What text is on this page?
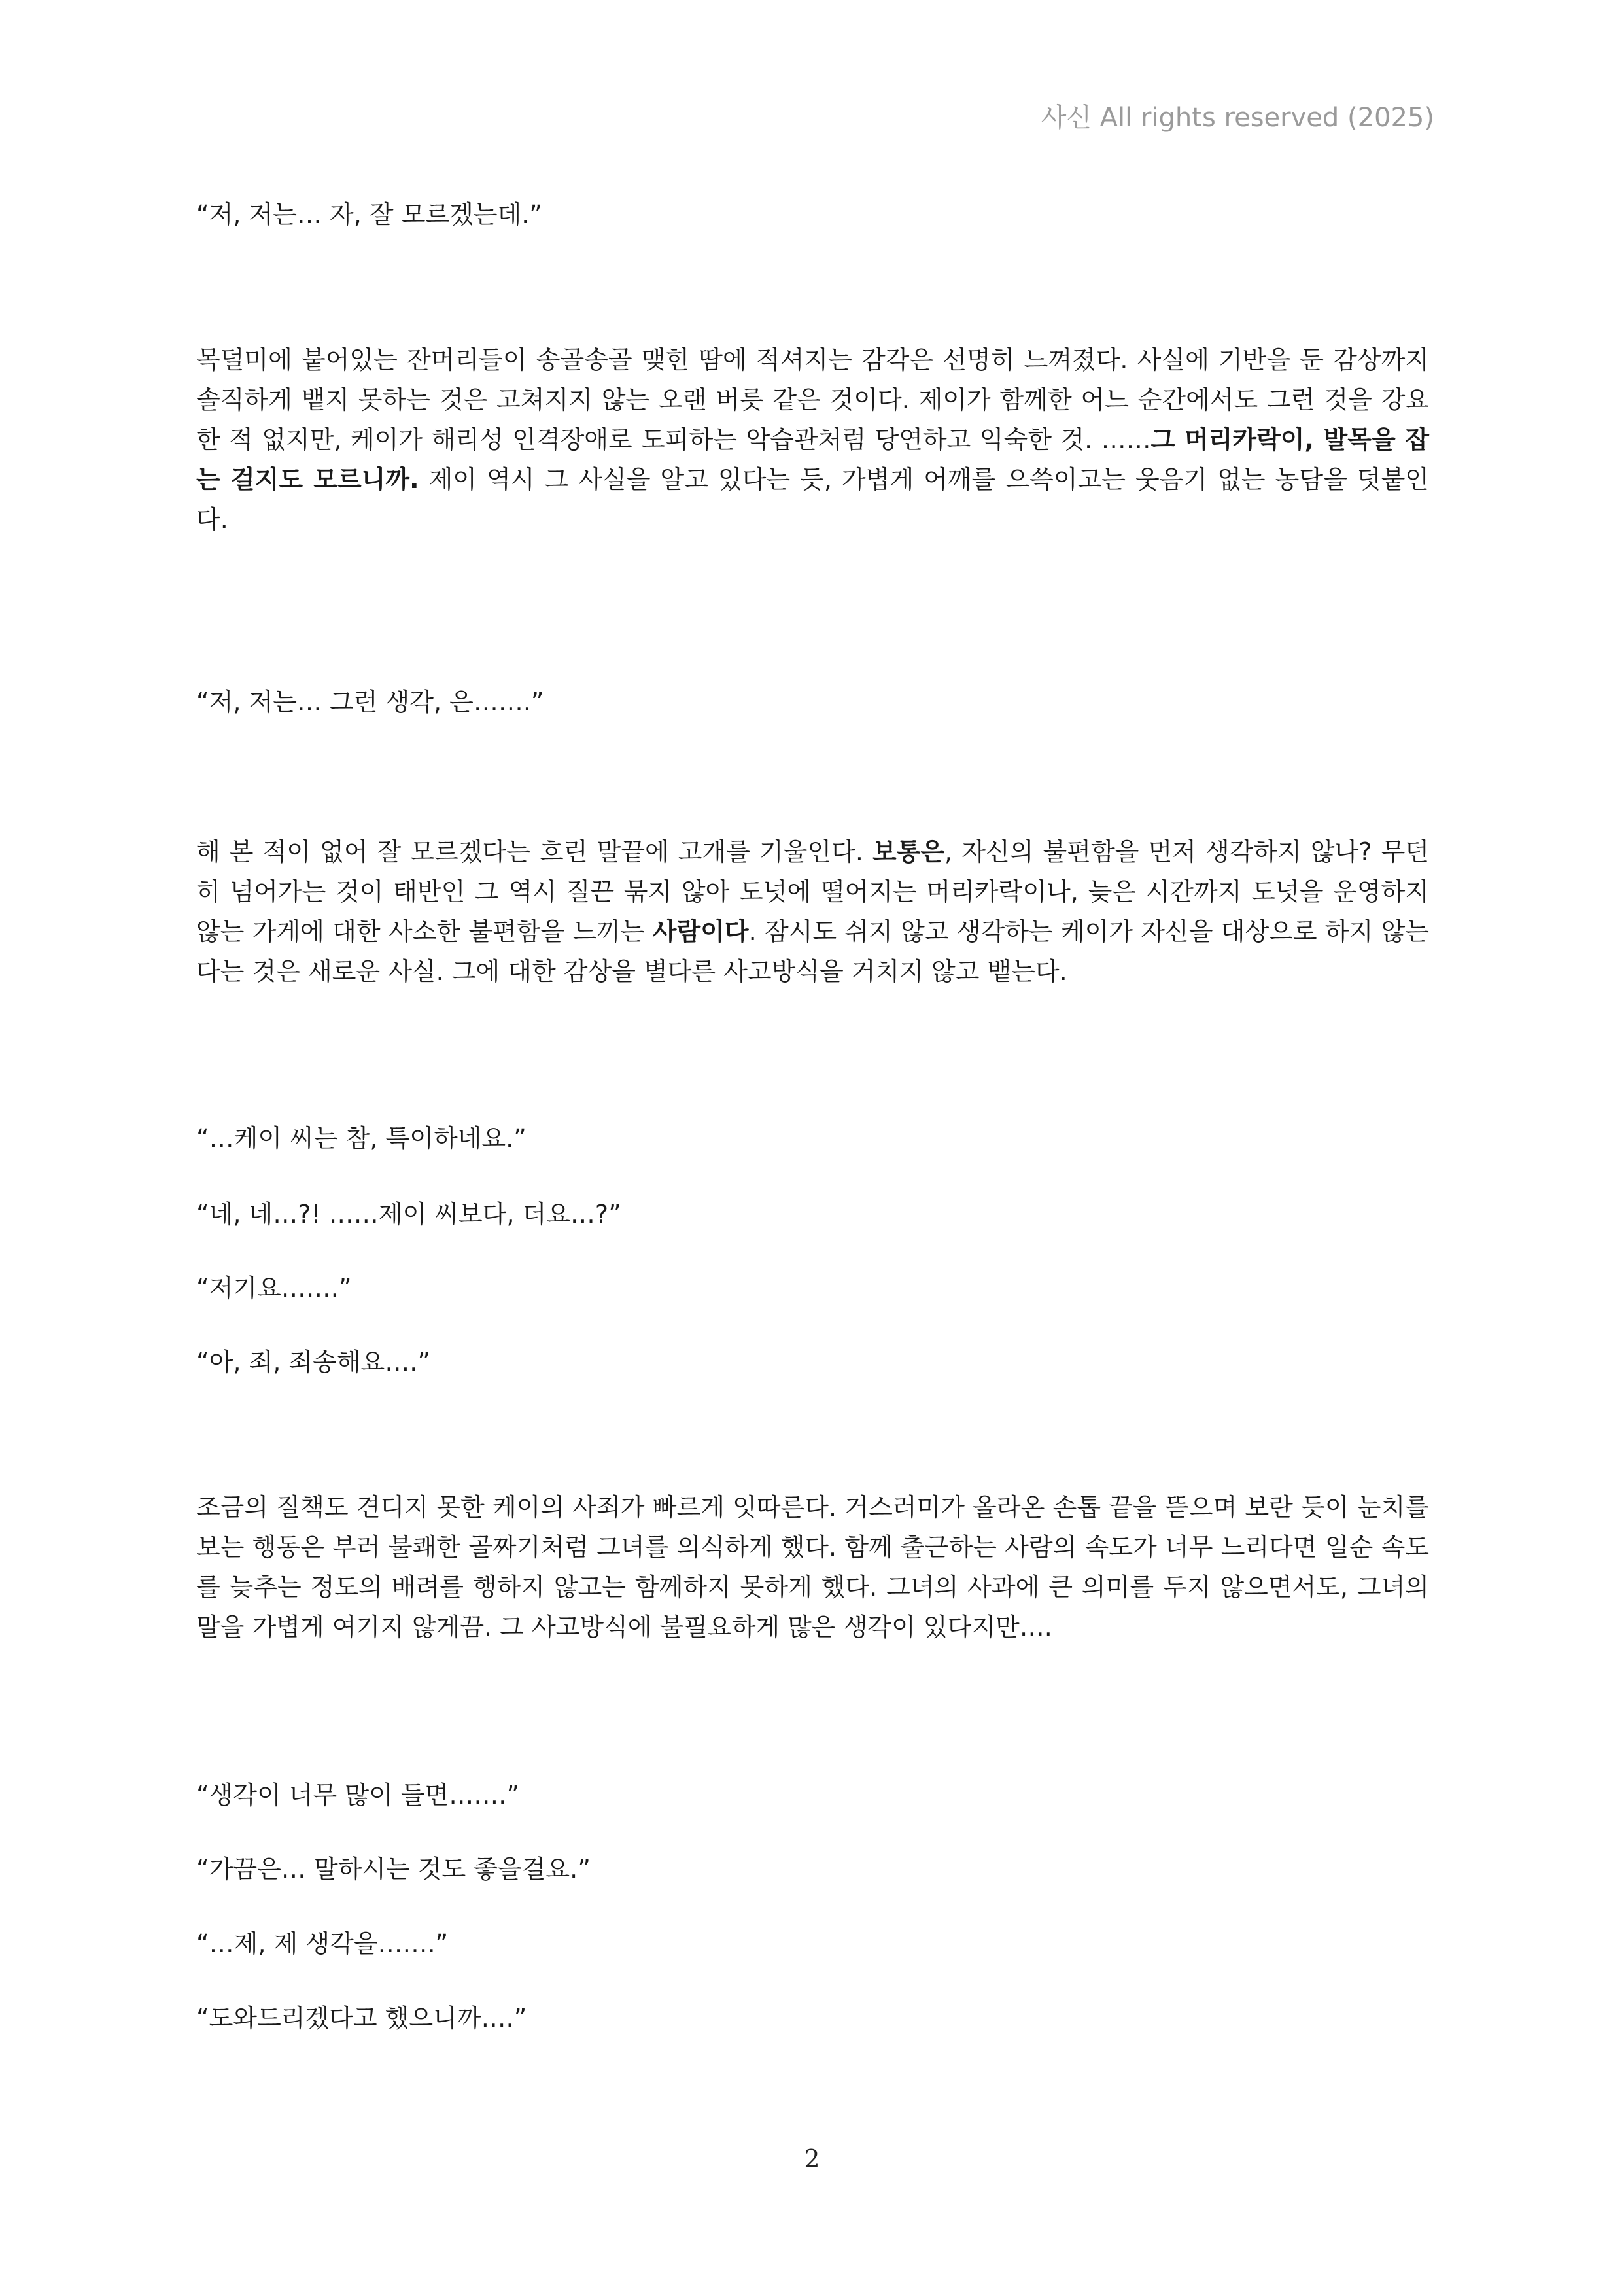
사신 All rights reserved (2025)
“저, 저는… 자, 잘 모르겠는데.”
목덜미에 붙어있는 잔머리들이 송골송골 맺힌 땀에 적셔지는 감각은 선명히 느껴졌다. 사실에 기반을 둔 감상까지 솔직하게 뱉지 못하는 것은 고쳐지지 않는 오랜 버릇 같은 것이다. 제이가 함께한 어느 순간에서도 그런 것을 강요한 적 없지만, 케이가 해리성 인격장애로 도피하는 악습관처럼 당연하고 익숙한 것. ……그 머리카락이, 발목을 잡는 걸지도 모르니까. 제이 역시 그 사실을 알고 있다는 듯, 가볍게 어깨를 으쓱이고는 웃음기 없는 농담을 덧붙인다.
“저, 저는… 그런 생각, 은…….”
해 본 적이 없어 잘 모르겠다는 흐린 말끝에 고개를 기울인다. 보통은, 자신의 불편함을 먼저 생각하지 않나? 무던히 넘어가는 것이 태반인 그 역시 질끈 묶지 않아 도넛에 떨어지는 머리카락이나, 늦은 시간까지 도넛을 운영하지 않는 가게에 대한 사소한 불편함을 느끼는 사람이다. 잠시도 쉬지 않고 생각하는 케이가 자신을 대상으로 하지 않는다는 것은 새로운 사실. 그에 대한 감상을 별다른 사고방식을 거치지 않고 뱉는다.
“…케이 씨는 참, 특이하네요.”
“네, 네…?! ……제이 씨보다, 더요…?”
“저기요…….”
“아, 죄, 죄송해요….”
조금의 질책도 견디지 못한 케이의 사죄가 빠르게 잇따른다. 거스러미가 올라온 손톱 끝을 뜯으며 보란 듯이 눈치를 보는 행동은 부러 불쾌한 골짜기처럼 그녀를 의식하게 했다. 함께 출근하는 사람의 속도가 너무 느리다면 일순 속도를 늦추는 정도의 배려를 행하지 않고는 함께하지 못하게 했다. 그녀의 사과에 큰 의미를 두지 않으면서도, 그녀의 말을 가볍게 여기지 않게끔. 그 사고방식에 불필요하게 많은 생각이 있다지만….
“생각이 너무 많이 들면…….”
“가끔은… 말하시는 것도 좋을걸요.”
“…제, 제 생각을…….”
“도와드리겠다고 했으니까….”
2
